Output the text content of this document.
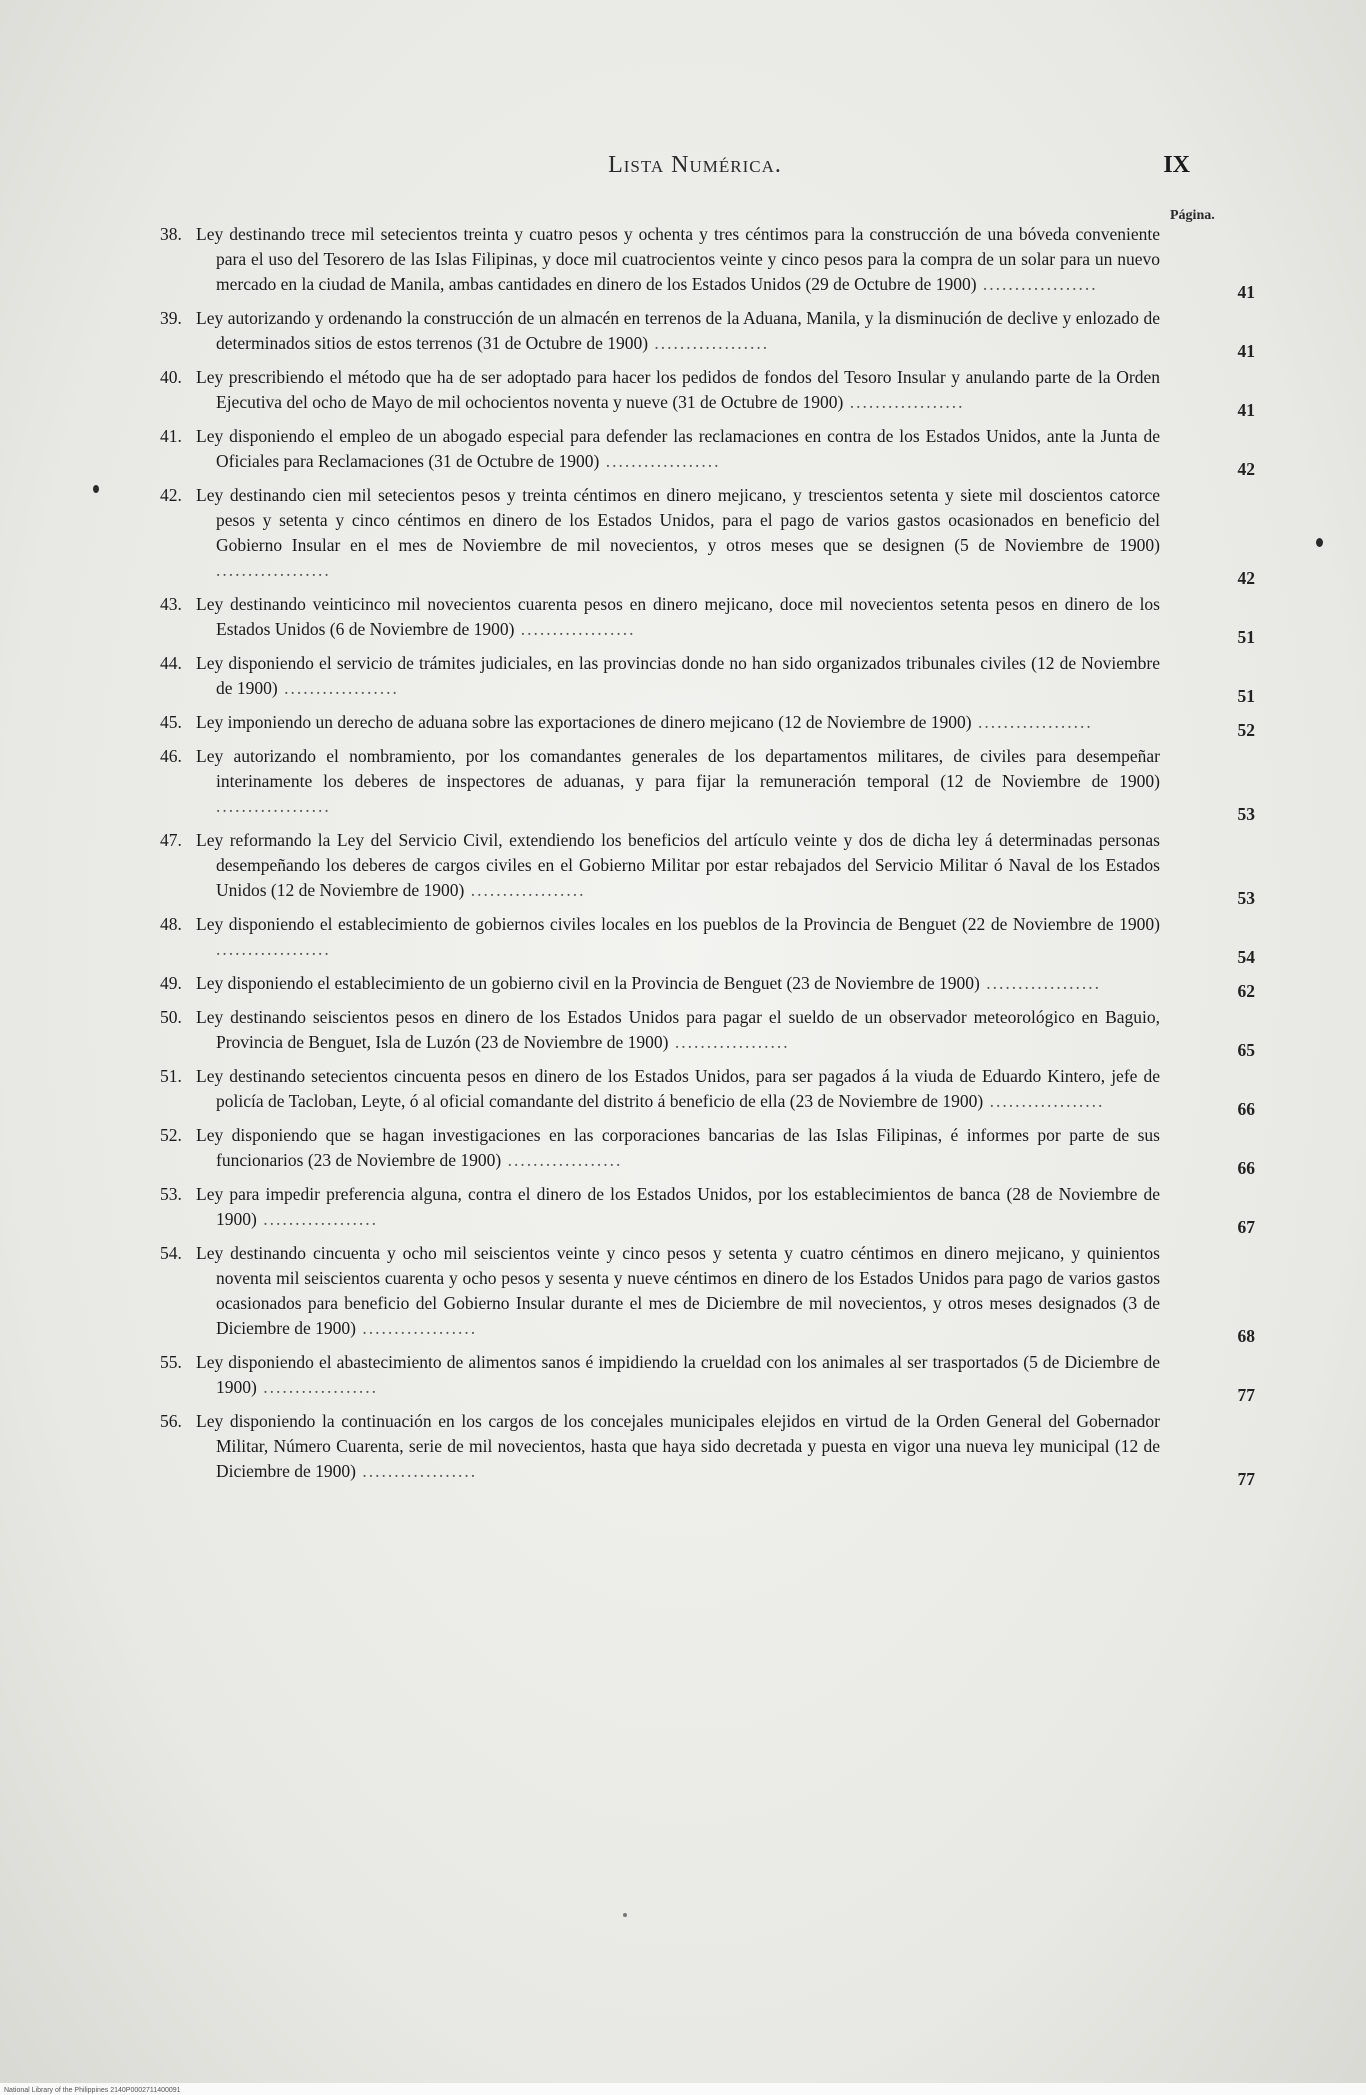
Lista Numérica.	IX
Página.

38. Ley destinando trece mil setecientos treinta y cuatro pesos y ochenta y tres céntimos para la construcción de una bóveda conveniente para el uso del Tesorero de las Islas Filipinas, y doce mil cuatrocientos veinte y cinco pesos para la compra de un solar para un nuevo mercado en la ciudad de Manila, ambas cantidades en dinero de los Estados Unidos (29 de Octubre de 1900) ..................	41

39. Ley autorizando y ordenando la construcción de un almacén en terrenos de la Aduana, Manila, y la disminución de declive y enlozado de determinados sitios de estos terrenos (31 de Octubre de 1900) ..................	41

40. Ley prescribiendo el método que ha de ser adoptado para hacer los pedidos de fondos del Tesoro Insular y anulando parte de la Orden Ejecutiva del ocho de Mayo de mil ochocientos noventa y nueve (31 de Octubre de 1900) ..................	41

41. Ley disponiendo el empleo de un abogado especial para defender las reclamaciones en contra de los Estados Unidos, ante la Junta de Oficiales para Reclamaciones (31 de Octubre de 1900) ..................	42

42. Ley destinando cien mil setecientos pesos y treinta céntimos en dinero mejicano, y trescientos setenta y siete mil doscientos catorce pesos y setenta y cinco céntimos en dinero de los Estados Unidos, para el pago de varios gastos ocasionados en beneficio del Gobierno Insular en el mes de Noviembre de mil novecientos, y otros meses que se designen (5 de Noviembre de 1900) ..................	42

43. Ley destinando veinticinco mil novecientos cuarenta pesos en dinero mejicano, doce mil novecientos setenta pesos en dinero de los Estados Unidos (6 de Noviembre de 1900) ..................	51

44. Ley disponiendo el servicio de trámites judiciales, en las provincias donde no han sido organizados tribunales civiles (12 de Noviembre de 1900) ..................	51

45. Ley imponiendo un derecho de aduana sobre las exportaciones de dinero mejicano (12 de Noviembre de 1900) ..................	52

46. Ley autorizando el nombramiento, por los comandantes generales de los departamentos militares, de civiles para desempeñar interinamente los deberes de inspectores de aduanas, y para fijar la remuneración temporal (12 de Noviembre de 1900) ..................	53

47. Ley reformando la Ley del Servicio Civil, extendiendo los beneficios del artículo veinte y dos de dicha ley á determinadas personas desempeñando los deberes de cargos civiles en el Gobierno Militar por estar rebajados del Servicio Militar ó Naval de los Estados Unidos (12 de Noviembre de 1900) ..................	53

48. Ley disponiendo el establecimiento de gobiernos civiles locales en los pueblos de la Provincia de Benguet (22 de Noviembre de 1900) ..................	54

49. Ley disponiendo el establecimiento de un gobierno civil en la Provincia de Benguet (23 de Noviembre de 1900) ..................	62

50. Ley destinando seiscientos pesos en dinero de los Estados Unidos para pagar el sueldo de un observador meteorológico en Baguio, Provincia de Benguet, Isla de Luzón (23 de Noviembre de 1900) ..................	65

51. Ley destinando setecientos cincuenta pesos en dinero de los Estados Unidos, para ser pagados á la viuda de Eduardo Kintero, jefe de policía de Tacloban, Leyte, ó al oficial comandante del distrito á beneficio de ella (23 de Noviembre de 1900) ..................	66

52. Ley disponiendo que se hagan investigaciones en las corporaciones bancarias de las Islas Filipinas, é informes por parte de sus funcionarios (23 de Noviembre de 1900) ..................	66

53. Ley para impedir preferencia alguna, contra el dinero de los Estados Unidos, por los establecimientos de banca (28 de Noviembre de 1900) ..................	67

54. Ley destinando cincuenta y ocho mil seiscientos veinte y cinco pesos y setenta y cuatro céntimos en dinero mejicano, y quinientos noventa mil seiscientos cuarenta y ocho pesos y sesenta y nueve céntimos en dinero de los Estados Unidos para pago de varios gastos ocasionados para beneficio del Gobierno Insular durante el mes de Diciembre de mil novecientos, y otros meses designados (3 de Diciembre de 1900) ..................	68

55. Ley disponiendo el abastecimiento de alimentos sanos é impidiendo la crueldad con los animales al ser trasportados (5 de Diciembre de 1900) ..................	77

56. Ley disponiendo la continuación en los cargos de los concejales municipales elejidos en virtud de la Orden General del Gobernador Militar, Número Cuarenta, serie de mil novecientos, hasta que haya sido decretada y puesta en vigor una nueva ley municipal (12 de Diciembre de 1900) ..................	77
National Library of the Philippines 2140P0002711400091
